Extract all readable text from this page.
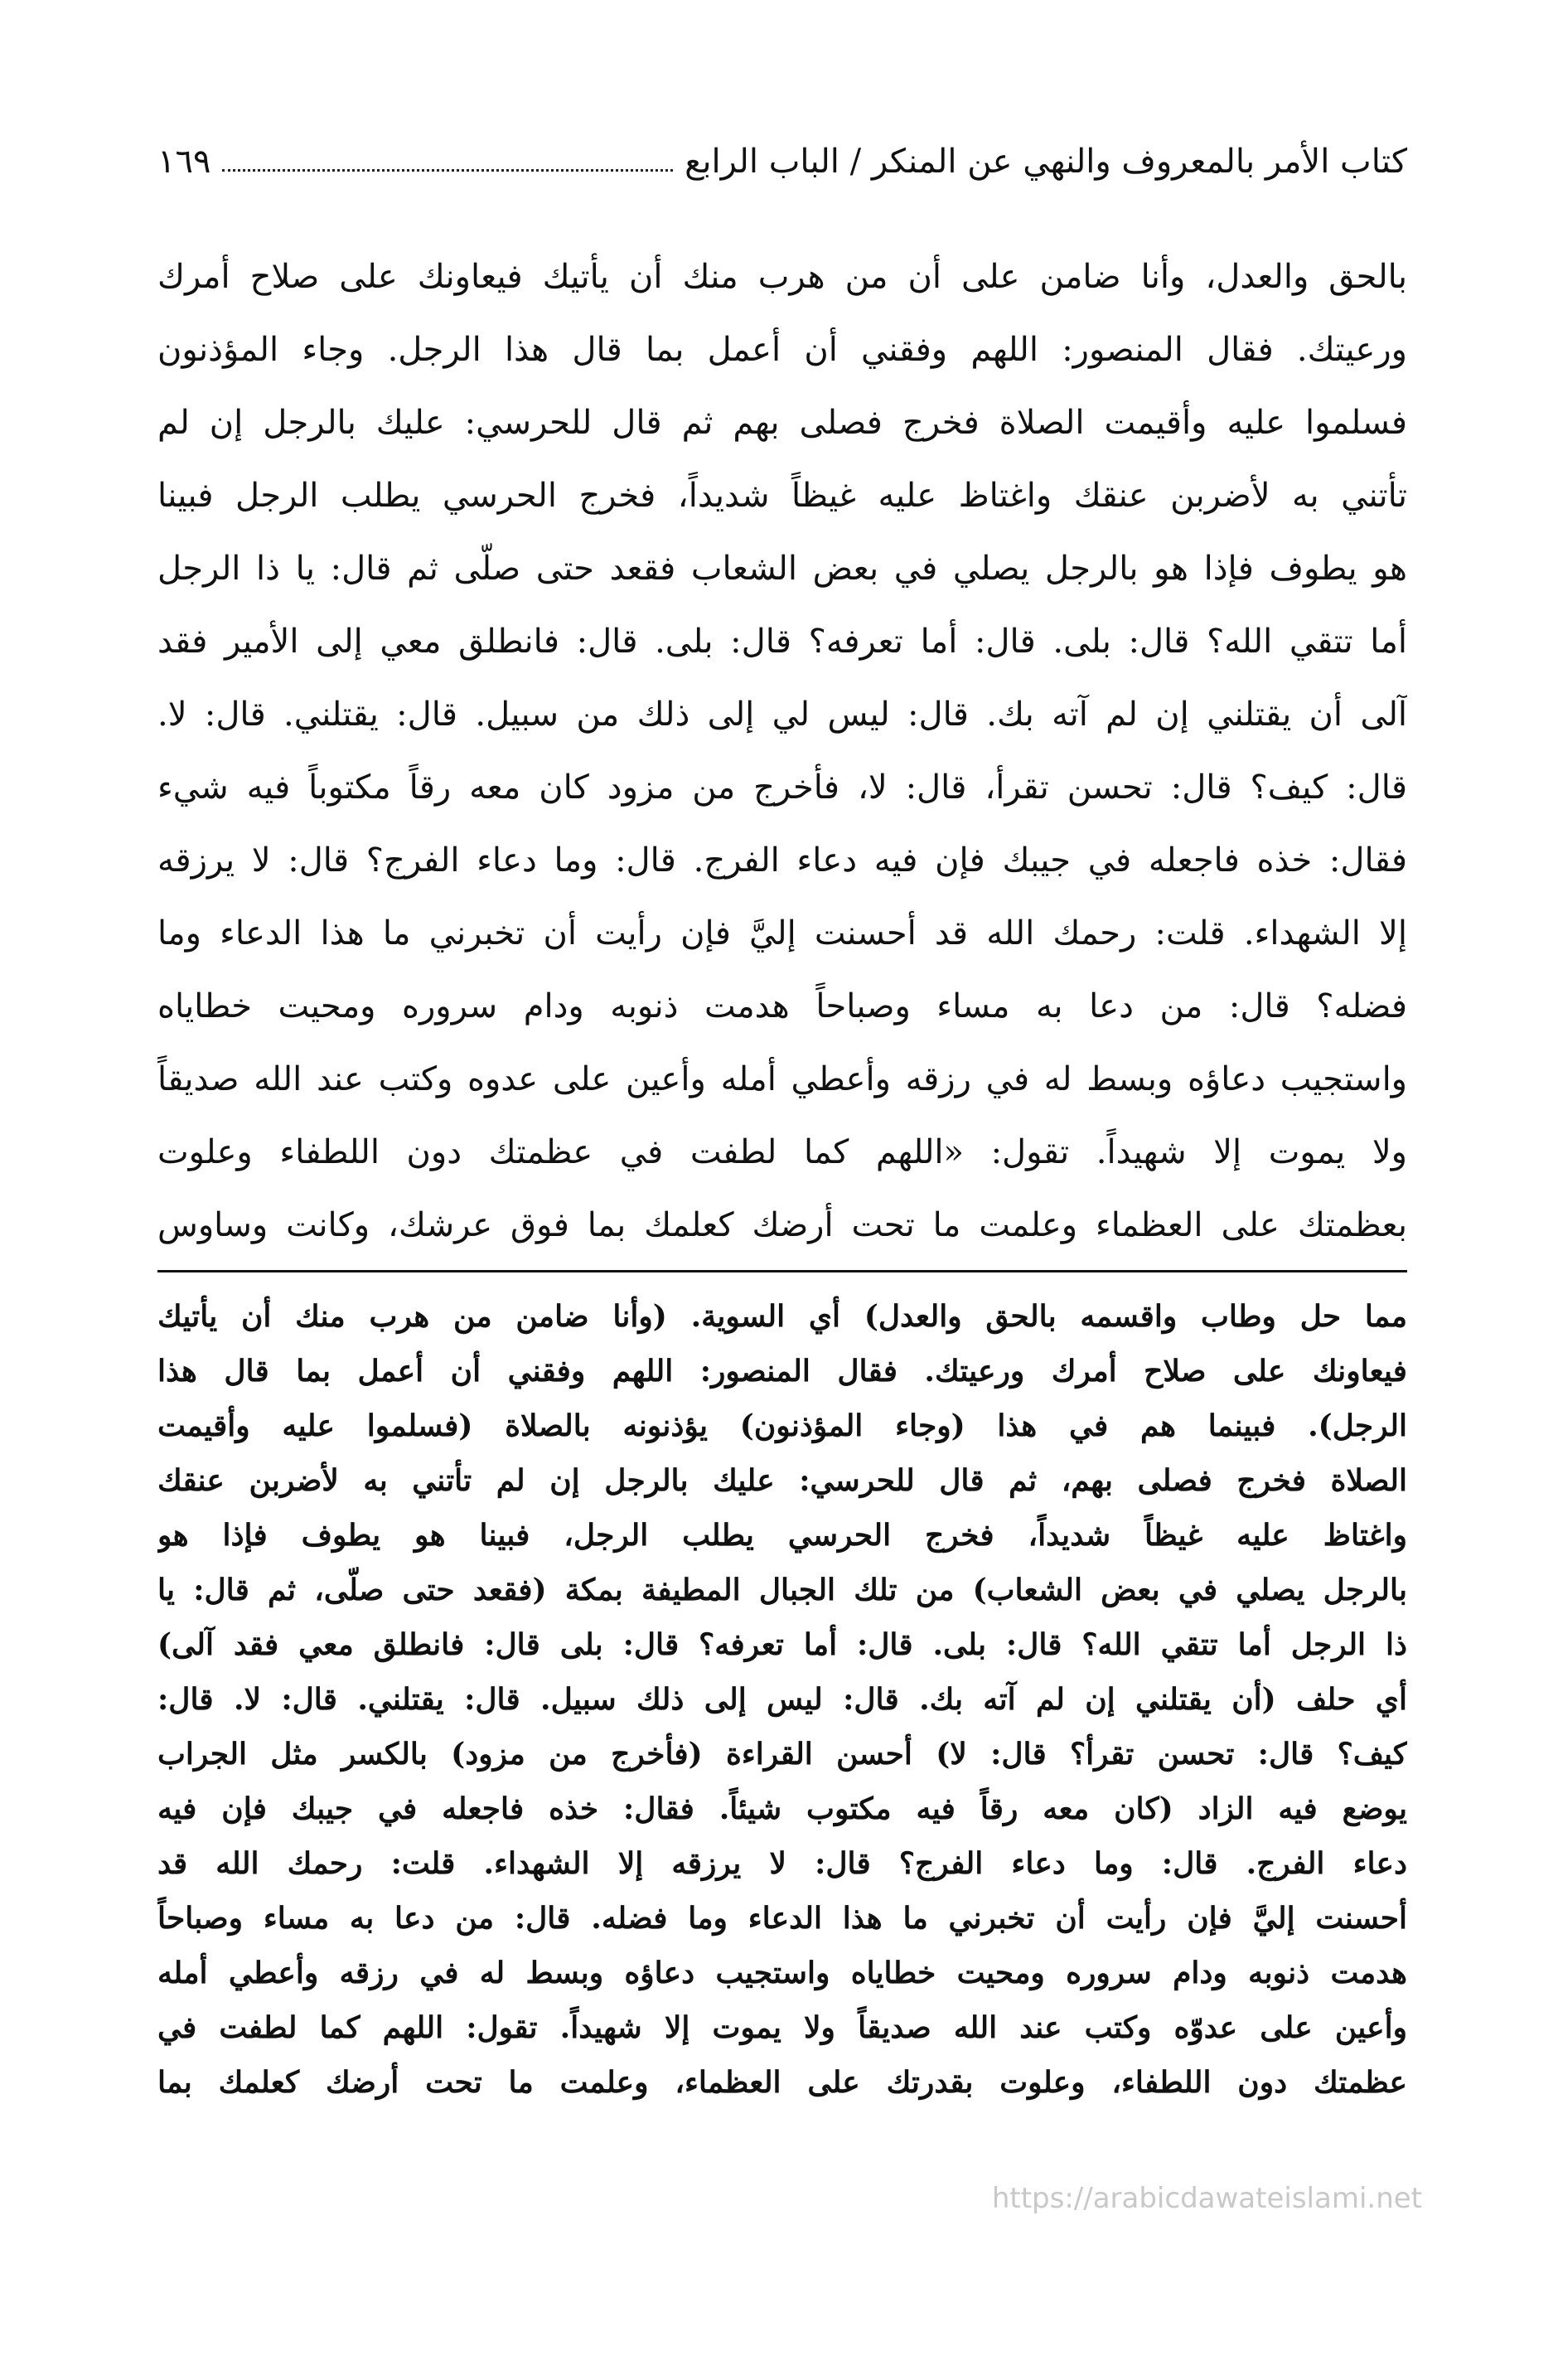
كتاب الأمر بالمعروف والنهي عن المنكر / الباب الرابع
١٦٩
بالحق والعدل، وأنا ضامن على أن من هرب منك أن يأتيك فيعاونك على صلاح أمرك
ورعيتك. فقال المنصور: اللهم وفقني أن أعمل بما قال هذا الرجل. وجاء المؤذنون
فسلموا عليه وأقيمت الصلاة فخرج فصلى بهم ثم قال للحرسي: عليك بالرجل إن لم
تأتني به لأضربن عنقك واغتاظ عليه غيظاً شديداً، فخرج الحرسي يطلب الرجل فبينا
هو يطوف فإذا هو بالرجل يصلي في بعض الشعاب فقعد حتى صلّى ثم قال: يا ذا الرجل
أما تتقي الله؟ قال: بلى. قال: أما تعرفه؟ قال: بلى. قال: فانطلق معي إلى الأمير فقد
آلى أن يقتلني إن لم آته بك. قال: ليس لي إلى ذلك من سبيل. قال: يقتلني. قال: لا.
قال: كيف؟ قال: تحسن تقرأ، قال: لا، فأخرج من مزود كان معه رقاً مكتوباً فيه شيء
فقال: خذه فاجعله في جيبك فإن فيه دعاء الفرج. قال: وما دعاء الفرج؟ قال: لا يرزقه
إلا الشهداء. قلت: رحمك الله قد أحسنت إليَّ فإن رأيت أن تخبرني ما هذا الدعاء وما
فضله؟ قال: من دعا به مساء وصباحاً هدمت ذنوبه ودام سروره ومحيت خطاياه
واستجيب دعاؤه وبسط له في رزقه وأعطي أمله وأعين على عدوه وكتب عند الله صديقاً
ولا يموت إلا شهيداً. تقول: «اللهم كما لطفت في عظمتك دون اللطفاء وعلوت
بعظمتك على العظماء وعلمت ما تحت أرضك كعلمك بما فوق عرشك، وكانت وساوس
مما حل وطاب واقسمه بالحق والعدل) أي السوية. (وأنا ضامن من هرب منك أن يأتيك
فيعاونك على صلاح أمرك ورعيتك. فقال المنصور: اللهم وفقني أن أعمل بما قال هذا
الرجل). فبينما هم في هذا (وجاء المؤذنون) يؤذنونه بالصلاة (فسلموا عليه وأقيمت
الصلاة فخرج فصلى بهم، ثم قال للحرسي: عليك بالرجل إن لم تأتني به لأضربن عنقك
واغتاظ عليه غيظاً شديداً، فخرج الحرسي يطلب الرجل، فبينا هو يطوف فإذا هو
بالرجل يصلي في بعض الشعاب) من تلك الجبال المطيفة بمكة (فقعد حتى صلّى، ثم قال: يا
ذا الرجل أما تتقي الله؟ قال: بلى. قال: أما تعرفه؟ قال: بلى قال: فانطلق معي فقد آلى)
أي حلف (أن يقتلني إن لم آته بك. قال: ليس إلى ذلك سبيل. قال: يقتلني. قال: لا. قال:
كيف؟ قال: تحسن تقرأ؟ قال: لا) أحسن القراءة (فأخرج من مزود) بالكسر مثل الجراب
يوضع فيه الزاد (كان معه رقاً فيه مكتوب شيئاً. فقال: خذه فاجعله في جيبك فإن فيه
دعاء الفرج. قال: وما دعاء الفرج؟ قال: لا يرزقه إلا الشهداء. قلت: رحمك الله قد
أحسنت إليَّ فإن رأيت أن تخبرني ما هذا الدعاء وما فضله. قال: من دعا به مساء وصباحاً
هدمت ذنوبه ودام سروره ومحيت خطاياه واستجيب دعاؤه وبسط له في رزقه وأعطي أمله
وأعين على عدوّه وكتب عند الله صديقاً ولا يموت إلا شهيداً. تقول: اللهم كما لطفت في
عظمتك دون اللطفاء، وعلوت بقدرتك على العظماء، وعلمت ما تحت أرضك كعلمك بما
https://arabicdawateislami.net
